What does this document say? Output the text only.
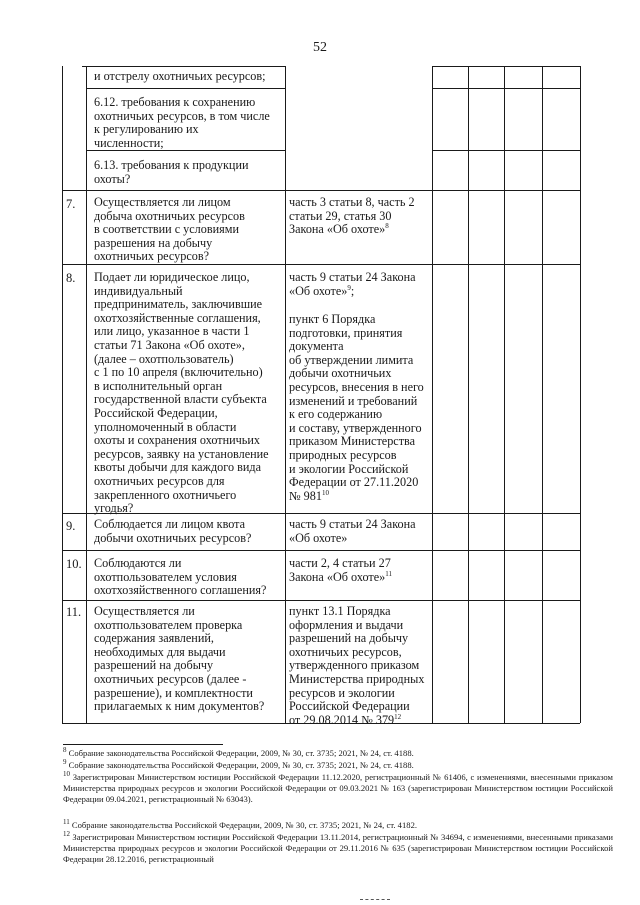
52
и отстрелу охотничьих ресурсов;
6.12. требования к сохранению
охотничьих ресурсов, в том числе
к регулированию их
численности;
6.13. требования к продукции
охоты?
7. Осуществляется ли лицом
добыча охотничьих ресурсов
в соответствии с условиями
разрешения на добычу
охотничьих ресурсов?
часть 3 статьи 8, часть 2
статьи 29, статья 30
Закона «Об охоте»$^8$
8. Подает ли юридическое лицо,
индивидуальный
предприниматель, заключившие
охотхозяйственные соглашения,
или лицо, указанное в части 1
статьи 71 Закона «Об охоте»,
(далее – охотпользователь)
с 1 по 10 апреля (включительно)
в исполнительный орган
государственной власти субъекта
Российской Федерации,
уполномоченный в области
охоты и сохранения охотничьих
ресурсов, заявку на установление
квоты добычи для каждого вида
охотничьих ресурсов для
закрепленного охотничьего
угодья?
часть 9 статьи 24 Закона
«Об охоте»$^9$;
пункт 6 Порядка
подготовки, принятия
документа
об утверждении лимита
добычи охотничьих
ресурсов, внесения в него
изменений и требований
к его содержанию
и составу, утвержденного
приказом Министерства
природных ресурсов
и экологии Российской
Федерации от 27.11.2020
№ $981^{10}$
9. Соблюдается ли лицом квота
добычи охотничьих ресурсов?
часть 9 статьи 24 Закона
«Об охоте»
10. Соблюдаются ли
охотпользователем условия
охотхозяйственного соглашения?
части 2, 4 статьи 27
Закона «Об охоте»$^{11}$
11. Осуществляется ли
охотпользователем проверка
содержания заявлений,
необходимых для выдачи
разрешений на добычу
охотничьих ресурсов (далее -
разрешение), и комплектности
прилагаемых к ним документов?
пункт 13.1 Порядка
оформления и выдачи
разрешений на добычу
охотничьих ресурсов,
утвержденного приказом
Министерства природных
ресурсов и экологии
Российской Федерации
от 29.08.2014 № $379^{12}$
$^8$ Собрание законодательства Российской Федерации, 2009, № 30, ст. 3735; 2021, № 24, ст. 4188.
$^9$ Собрание законодательства Российской Федерации, 2009, № 30, ст. 3735; 2021, № 24, ст. 4188.
$^{10}$ Зарегистрирован Министерством юстиции Российской Федерации 11.12.2020, регистрационный № 61406, с изменениями, внесенными приказом Министерства природных ресурсов и экологии Российской Федерации от 09.03.2021 № 163 (зарегистрирован Министерством юстиции Российской Федерации 09.04.2021, регистрационный № 63043).
$^{11}$ Собрание законодательства Российской Федерации, 2009, № 30, ст. 3735; 2021, № 24, ст. 4182.
$^{12}$ Зарегистрирован Министерством юстиции Российской Федерации 13.11.2014, регистрационный № 34694, с изменениями, внесенными приказами Министерства природных ресурсов и экологии Российской Федерации от 29.11.2016 № 635 (зарегистрирован Министерством юстиции Российской Федерации 28.12.2016, регистрационный
